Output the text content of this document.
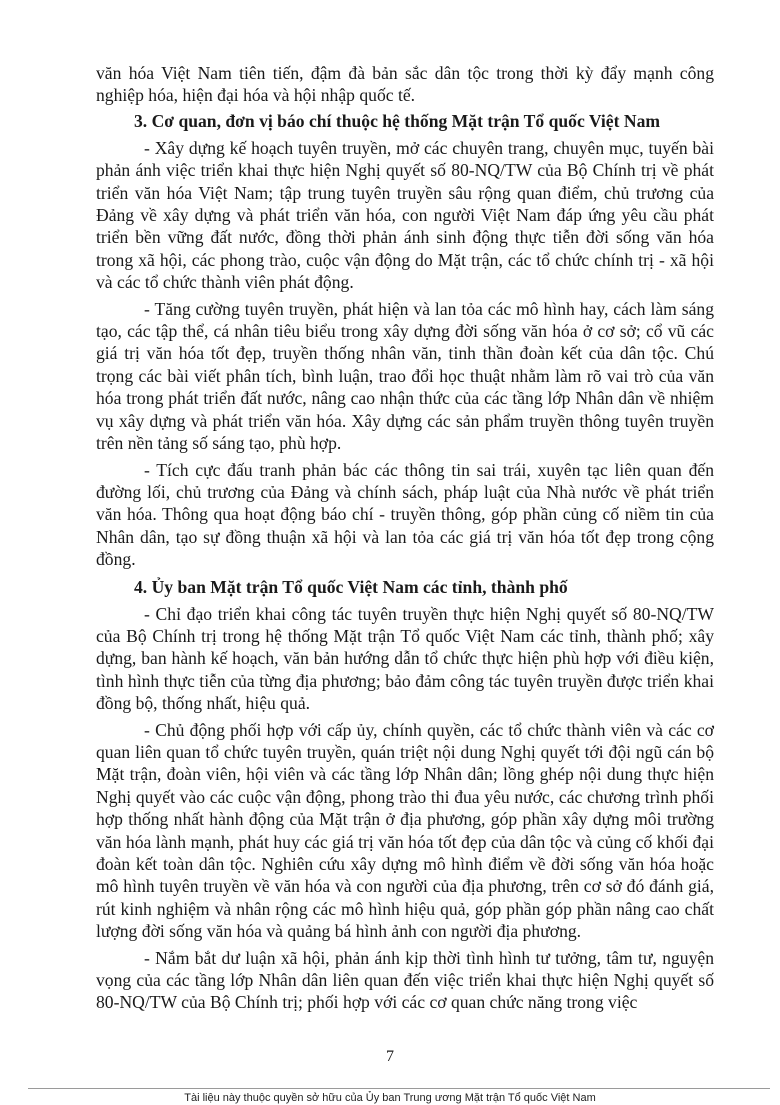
văn hóa Việt Nam tiên tiến, đậm đà bản sắc dân tộc trong thời kỳ đẩy mạnh công nghiệp hóa, hiện đại hóa và hội nhập quốc tế.

3. Cơ quan, đơn vị báo chí thuộc hệ thống Mặt trận Tổ quốc Việt Nam

- Xây dựng kế hoạch tuyên truyền, mở các chuyên trang, chuyên mục, tuyến bài phản ánh việc triển khai thực hiện Nghị quyết số 80-NQ/TW của Bộ Chính trị về phát triển văn hóa Việt Nam; tập trung tuyên truyền sâu rộng quan điểm, chủ trương của Đảng về xây dựng và phát triển văn hóa, con người Việt Nam đáp ứng yêu cầu phát triển bền vững đất nước, đồng thời phản ánh sinh động thực tiễn đời sống văn hóa trong xã hội, các phong trào, cuộc vận động do Mặt trận, các tổ chức chính trị - xã hội và các tổ chức thành viên phát động.

- Tăng cường tuyên truyền, phát hiện và lan tỏa các mô hình hay, cách làm sáng tạo, các tập thể, cá nhân tiêu biểu trong xây dựng đời sống văn hóa ở cơ sở; cổ vũ các giá trị văn hóa tốt đẹp, truyền thống nhân văn, tinh thần đoàn kết của dân tộc. Chú trọng các bài viết phân tích, bình luận, trao đổi học thuật nhằm làm rõ vai trò của văn hóa trong phát triển đất nước, nâng cao nhận thức của các tầng lớp Nhân dân về nhiệm vụ xây dựng và phát triển văn hóa. Xây dựng các sản phẩm truyền thông tuyên truyền trên nền tảng số sáng tạo, phù hợp.

- Tích cực đấu tranh phản bác các thông tin sai trái, xuyên tạc liên quan đến đường lối, chủ trương của Đảng và chính sách, pháp luật của Nhà nước về phát triển văn hóa. Thông qua hoạt động báo chí - truyền thông, góp phần củng cố niềm tin của Nhân dân, tạo sự đồng thuận xã hội và lan tỏa các giá trị văn hóa tốt đẹp trong cộng đồng.

4. Ủy ban Mặt trận Tổ quốc Việt Nam các tỉnh, thành phố

- Chỉ đạo triển khai công tác tuyên truyền thực hiện Nghị quyết số 80-NQ/TW của Bộ Chính trị trong hệ thống Mặt trận Tổ quốc Việt Nam các tỉnh, thành phố; xây dựng, ban hành kế hoạch, văn bản hướng dẫn tổ chức thực hiện phù hợp với điều kiện, tình hình thực tiễn của từng địa phương; bảo đảm công tác tuyên truyền được triển khai đồng bộ, thống nhất, hiệu quả.

- Chủ động phối hợp với cấp ủy, chính quyền, các tổ chức thành viên và các cơ quan liên quan tổ chức tuyên truyền, quán triệt nội dung Nghị quyết tới đội ngũ cán bộ Mặt trận, đoàn viên, hội viên và các tầng lớp Nhân dân; lồng ghép nội dung thực hiện Nghị quyết vào các cuộc vận động, phong trào thi đua yêu nước, các chương trình phối hợp thống nhất hành động của Mặt trận ở địa phương, góp phần xây dựng môi trường văn hóa lành mạnh, phát huy các giá trị văn hóa tốt đẹp của dân tộc và củng cố khối đại đoàn kết toàn dân tộc. Nghiên cứu xây dựng mô hình điểm về đời sống văn hóa hoặc mô hình tuyên truyền về văn hóa và con người của địa phương, trên cơ sở đó đánh giá, rút kinh nghiệm và nhân rộng các mô hình hiệu quả, góp phần góp phần nâng cao chất lượng đời sống văn hóa và quảng bá hình ảnh con người địa phương.

- Nắm bắt dư luận xã hội, phản ánh kịp thời tình hình tư tưởng, tâm tư, nguyện vọng của các tầng lớp Nhân dân liên quan đến việc triển khai thực hiện Nghị quyết số 80-NQ/TW của Bộ Chính trị; phối hợp với các cơ quan chức năng trong việc

7
Tài liệu này thuộc quyền sở hữu của Ủy ban Trung ương Mặt trận Tổ quốc Việt Nam
